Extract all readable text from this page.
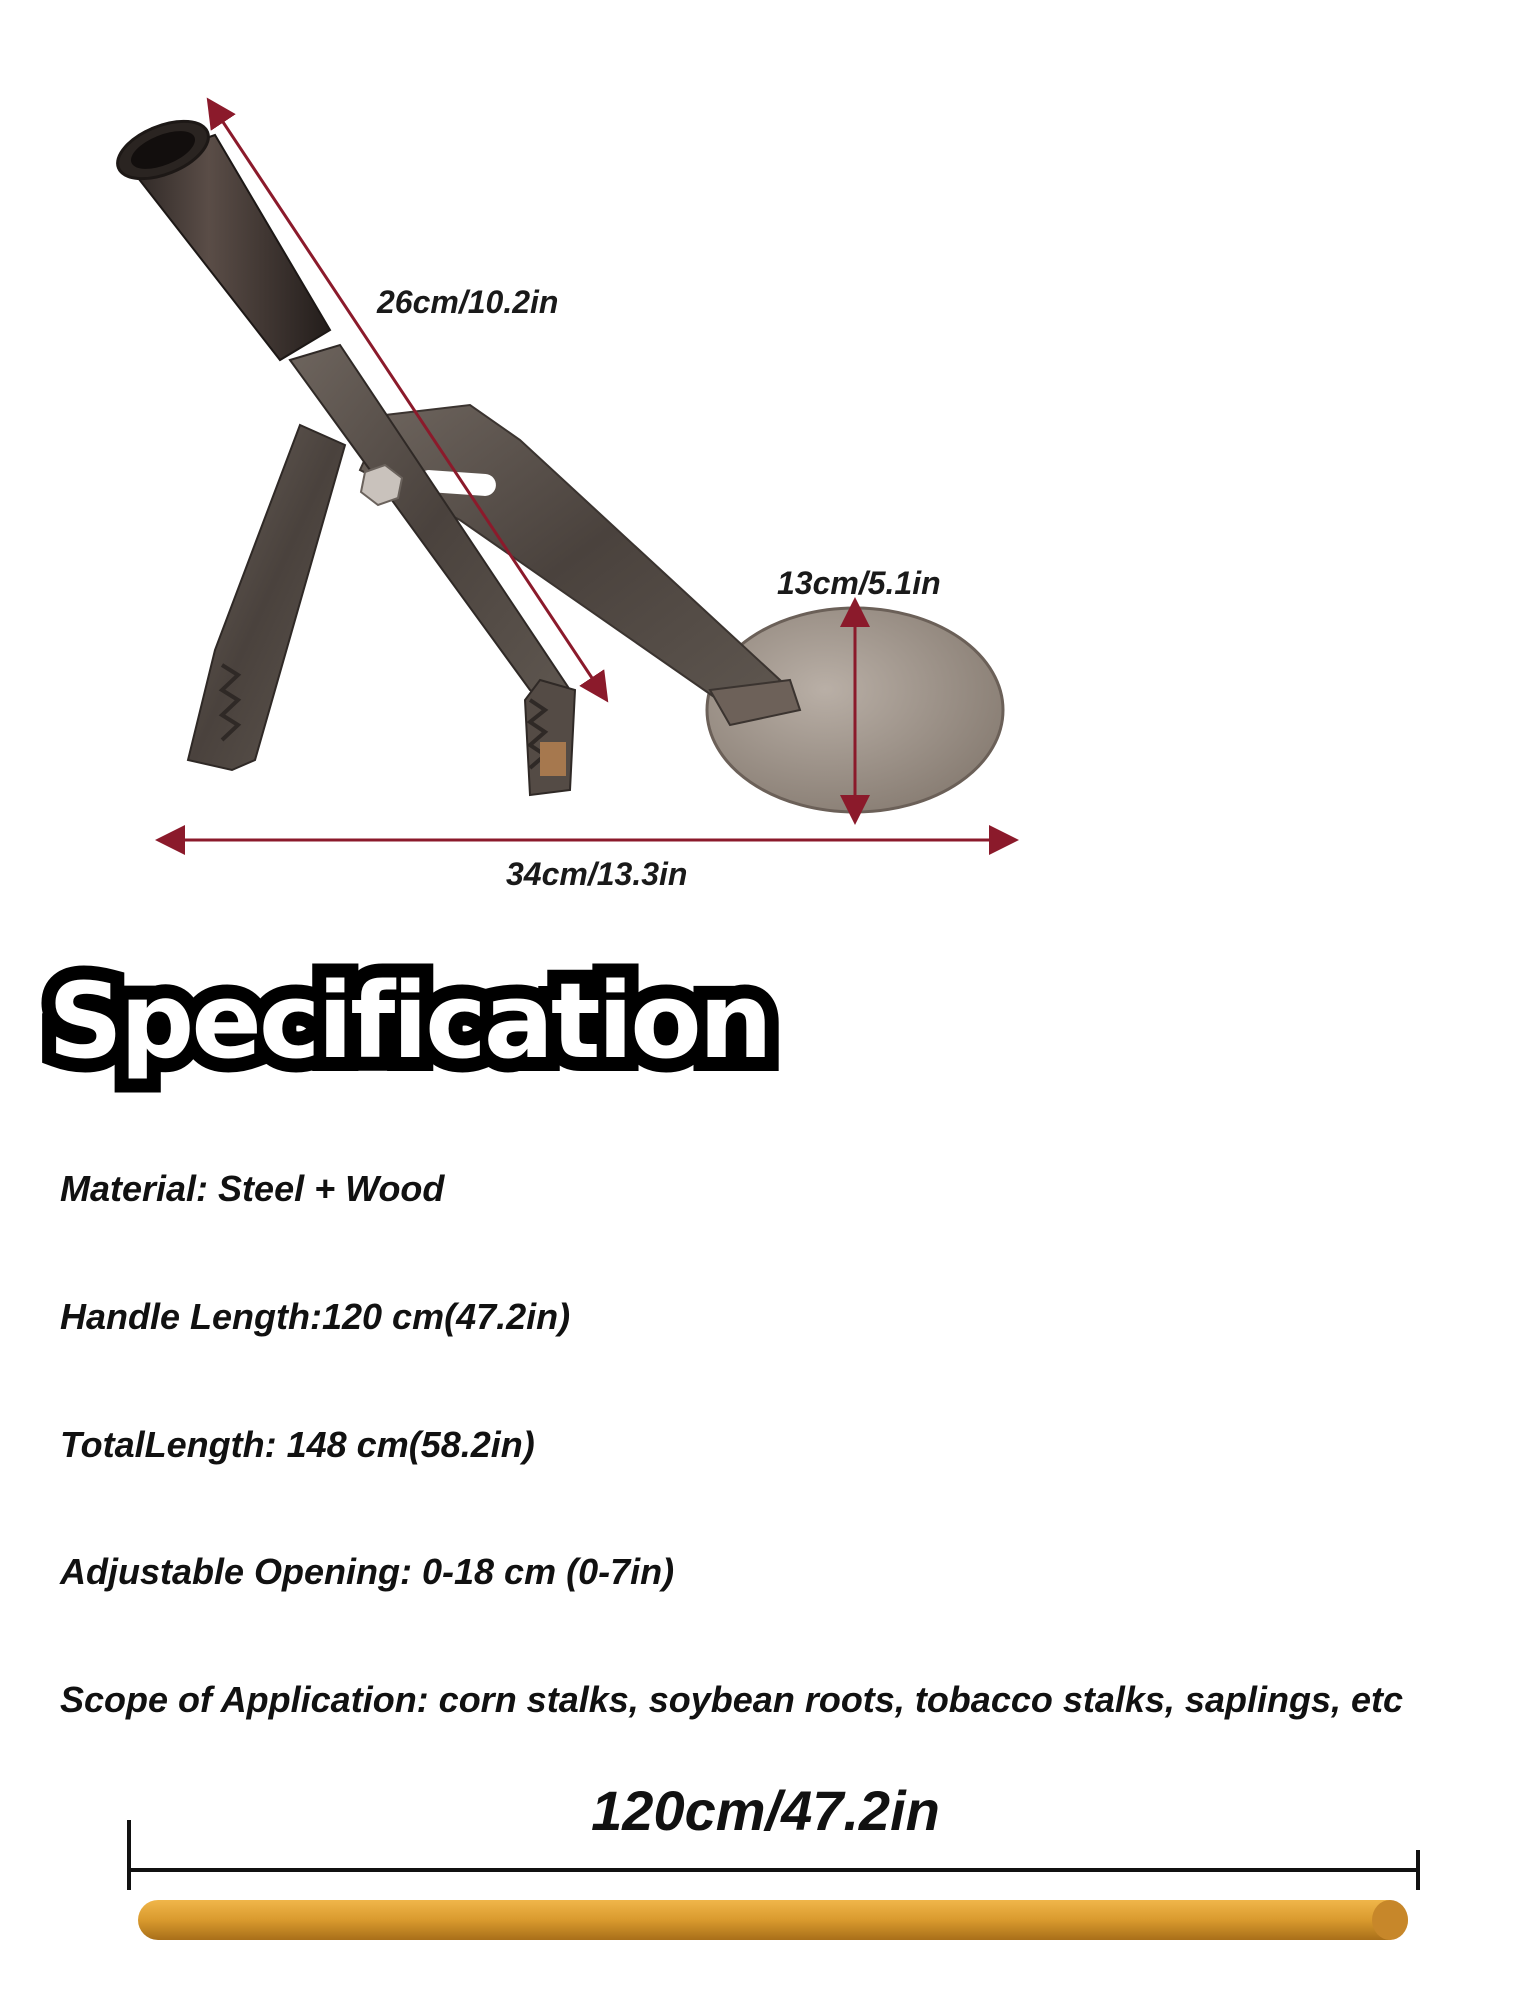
26cm/10.2in
13cm/5.1in
34cm/13.3in
Specification
Material: Steel + Wood
Handle Length:120 cm(47.2in)
TotalLength: 148 cm(58.2in)
Adjustable Opening: 0-18 cm (0-7in)
Scope of Application: corn stalks, soybean roots, tobacco stalks, saplings, etc
120cm/47.2in
